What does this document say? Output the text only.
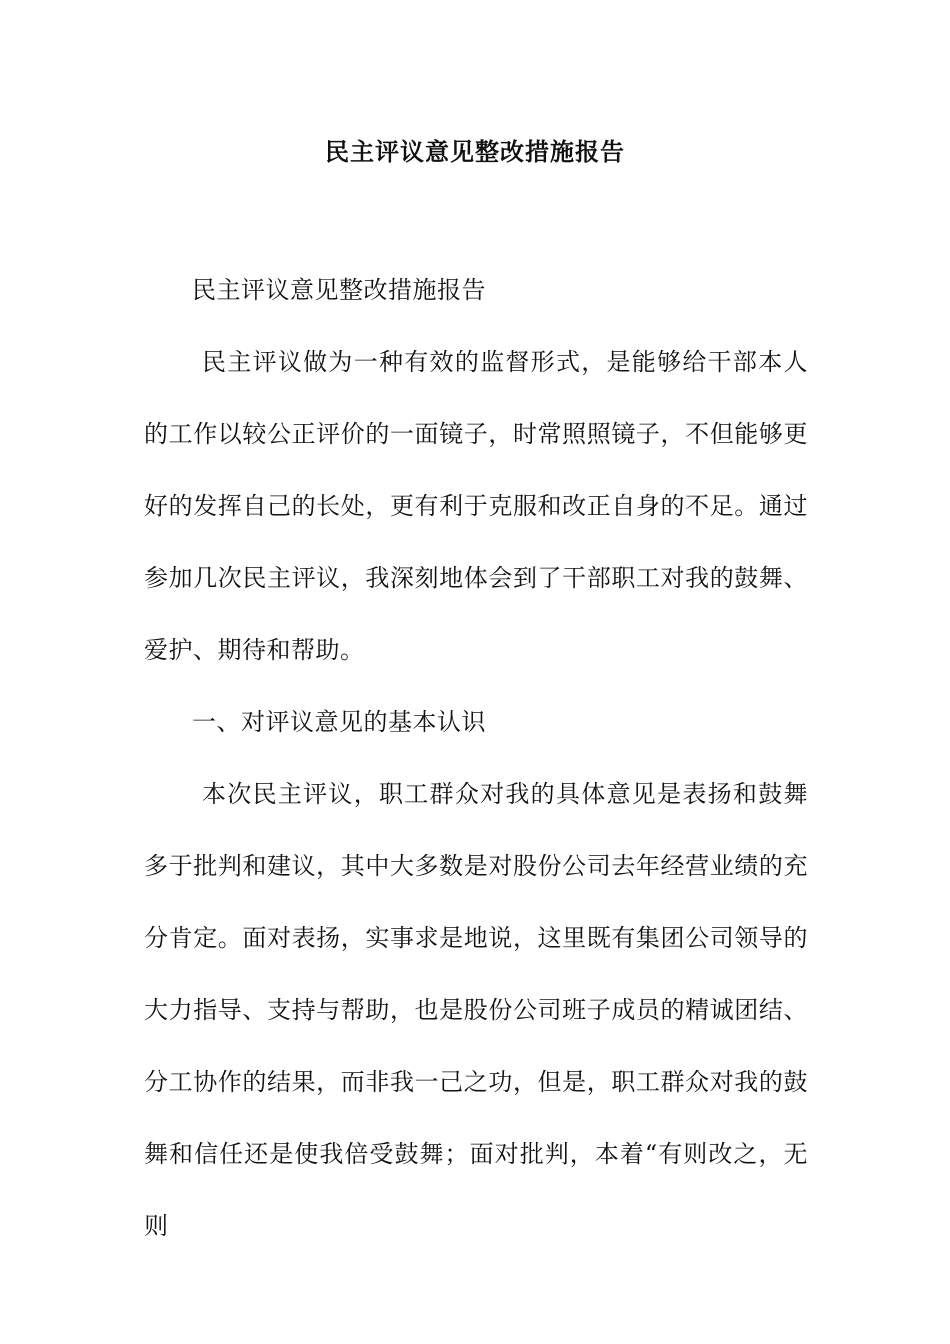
民主评议意见整改措施报告

民主评议意见整改措施报告

民主评议做为一种有效的监督形式，是能够给干部本人的工作以较公正评价的一面镜子，时常照照镜子，不但能够更好的发挥自己的长处，更有利于克服和改正自身的不足。通过参加几次民主评议，我深刻地体会到了干部职工对我的鼓舞、爱护、期待和帮助。

一、对评议意见的基本认识

本次民主评议，职工群众对我的具体意见是表扬和鼓舞多于批判和建议，其中大多数是对股份公司去年经营业绩的充分肯定。面对表扬，实事求是地说，这里既有集团公司领导的大力指导、支持与帮助，也是股份公司班子成员的精诚团结、分工协作的结果，而非我一己之功，但是，职工群众对我的鼓舞和信任还是使我倍受鼓舞；面对批判，本着“有则改之，无则
